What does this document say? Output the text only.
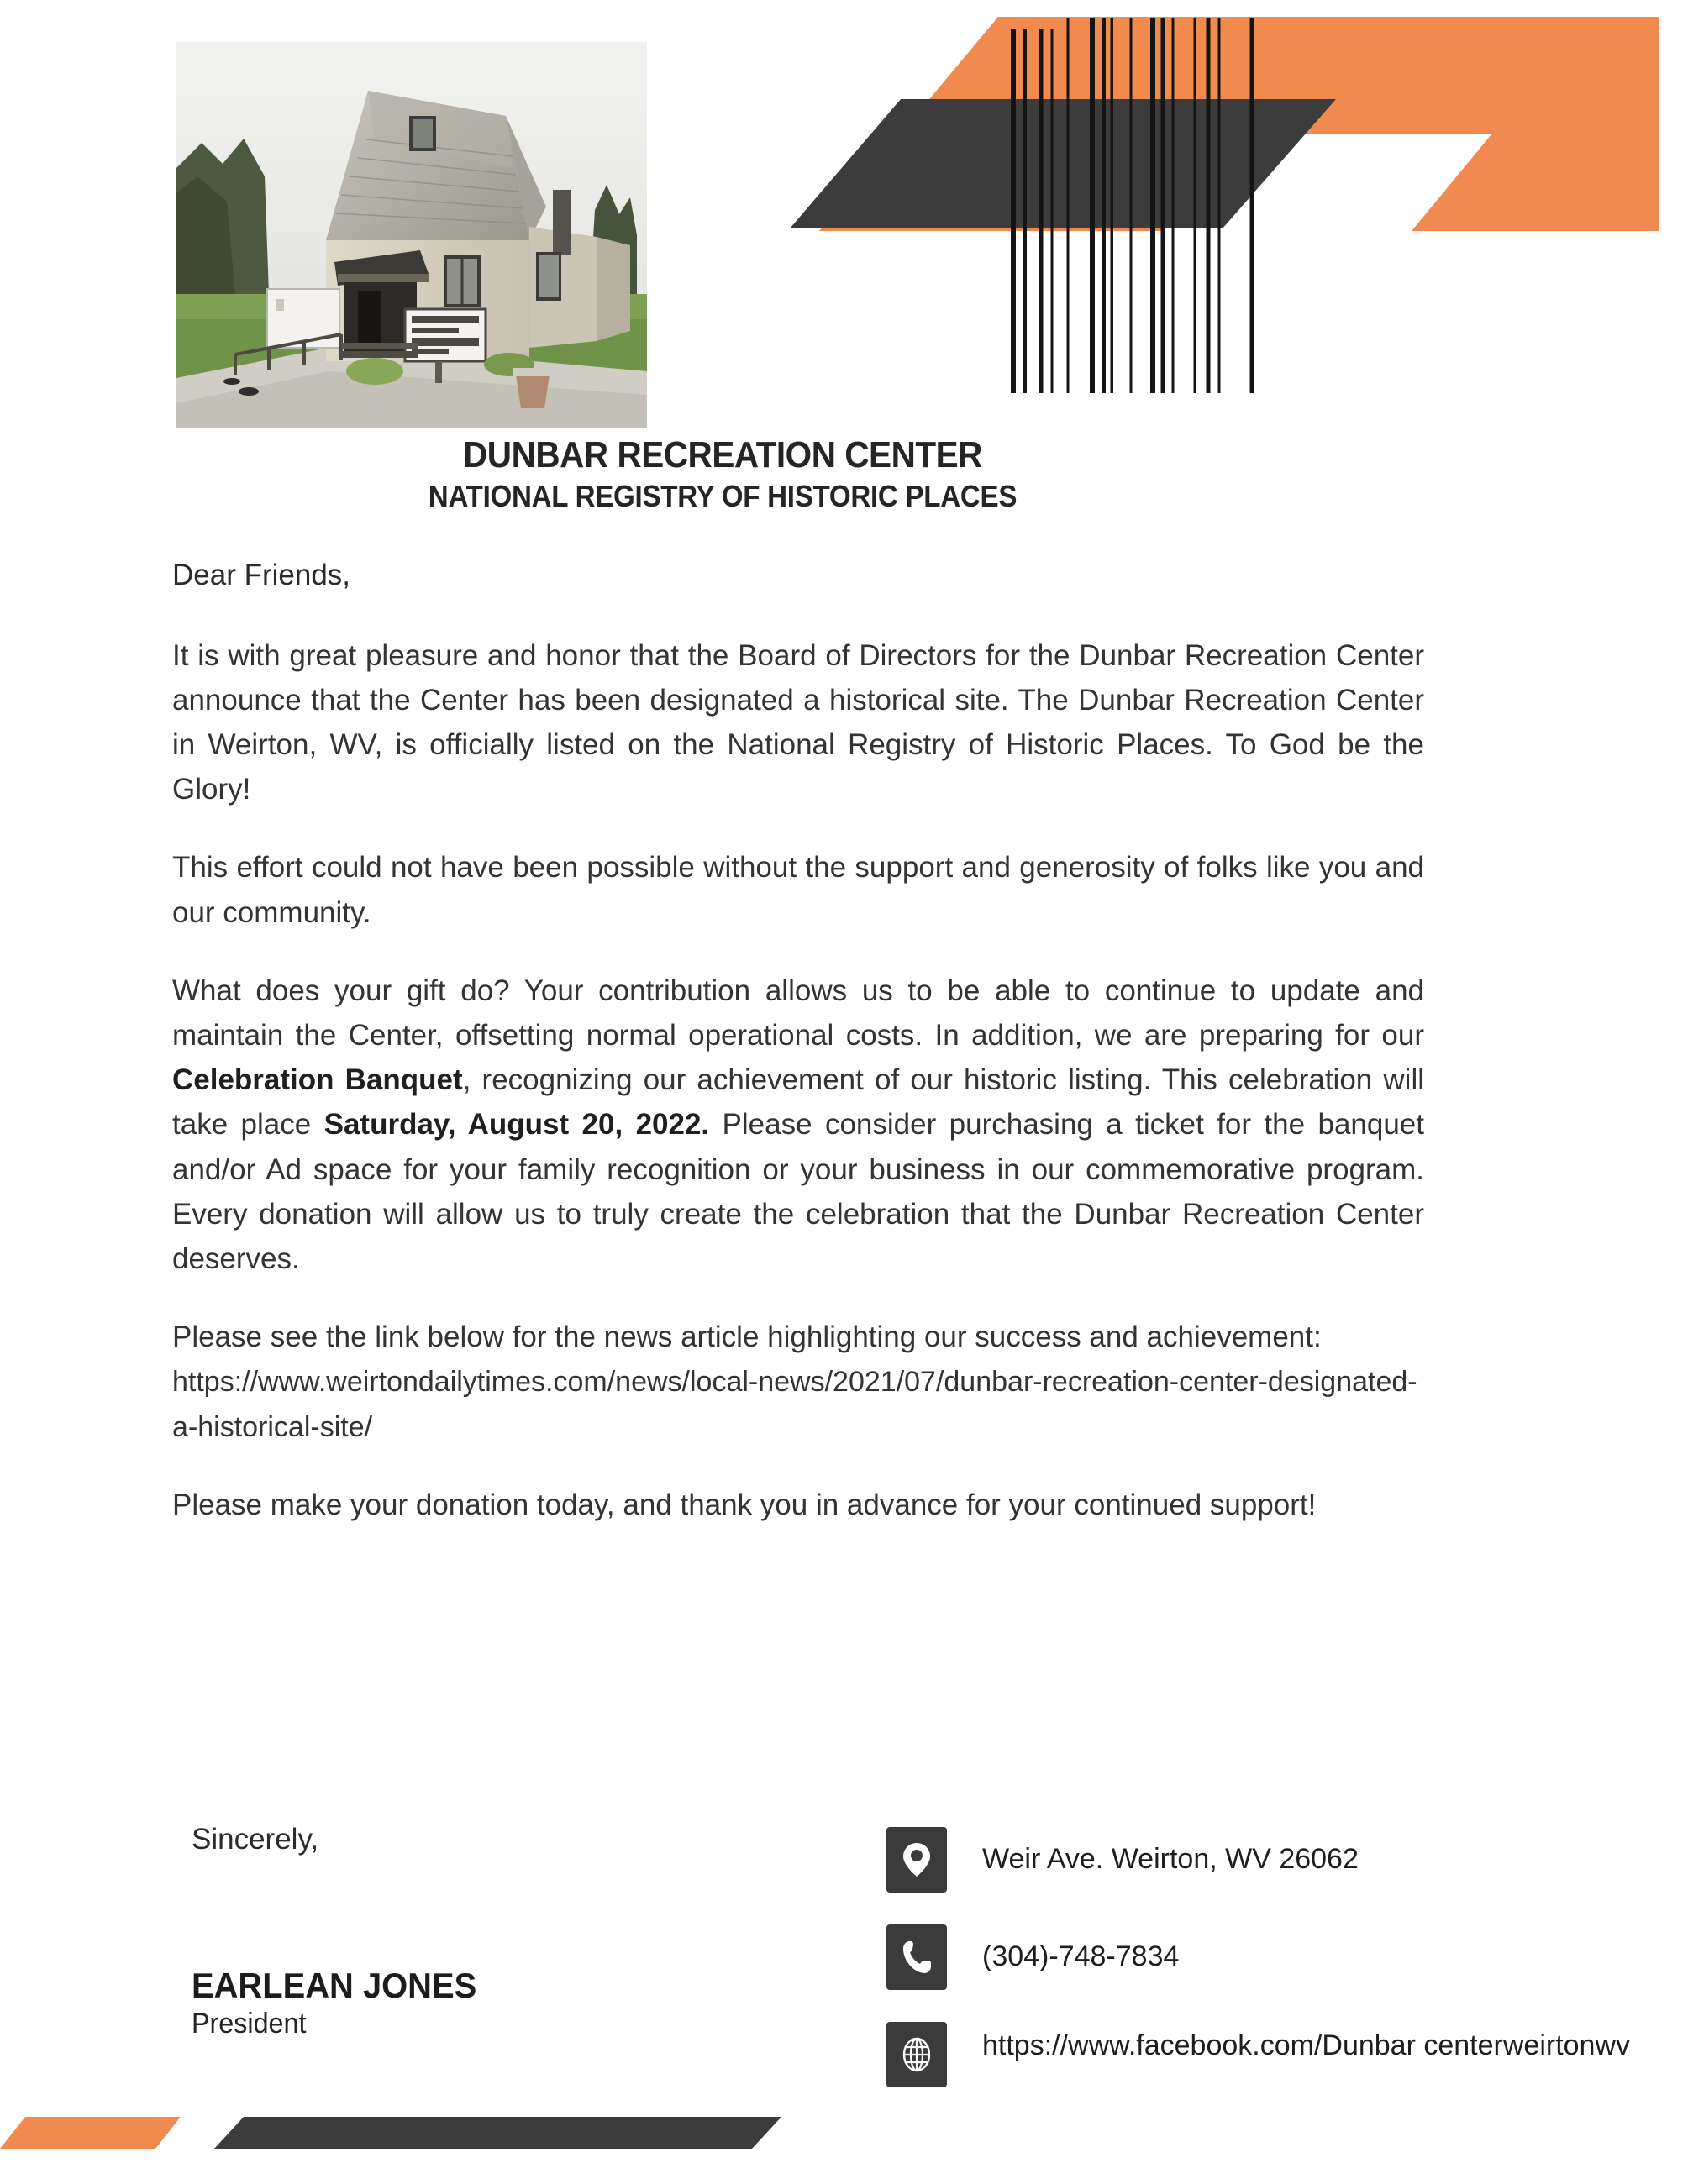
DUNBAR RECREATION CENTER
NATIONAL REGISTRY OF HISTORIC PLACES

Dear Friends,

It is with great pleasure and honor that the Board of Directors for the Dunbar Recreation Center announce that the Center has been designated a historical site. The Dunbar Recreation Center in Weirton, WV, is officially listed on the National Registry of Historic Places. To God be the Glory!

This effort could not have been possible without the support and generosity of folks like you and our community.

What does your gift do? Your contribution allows us to be able to continue to update and maintain the Center, offsetting normal operational costs. In addition, we are preparing for our Celebration Banquet, recognizing our achievement of our historic listing. This celebration will take place Saturday, August 20, 2022. Please consider purchasing a ticket for the banquet and/or Ad space for your family recognition or your business in our commemorative program. Every donation will allow us to truly create the celebration that the Dunbar Recreation Center deserves.

Please see the link below for the news article highlighting our success and achievement:
https://www.weirtondailytimes.com/news/local-news/2021/07/dunbar-recreation-center-designated-a-historical-site/

Please make your donation today, and thank you in advance for your continued support!

Sincerely,
EARLEAN JONES
President
Weir Ave. Weirton, WV 26062
(304)-748-7834
https://www.facebook.com/Dunbar centerweirtonwv
